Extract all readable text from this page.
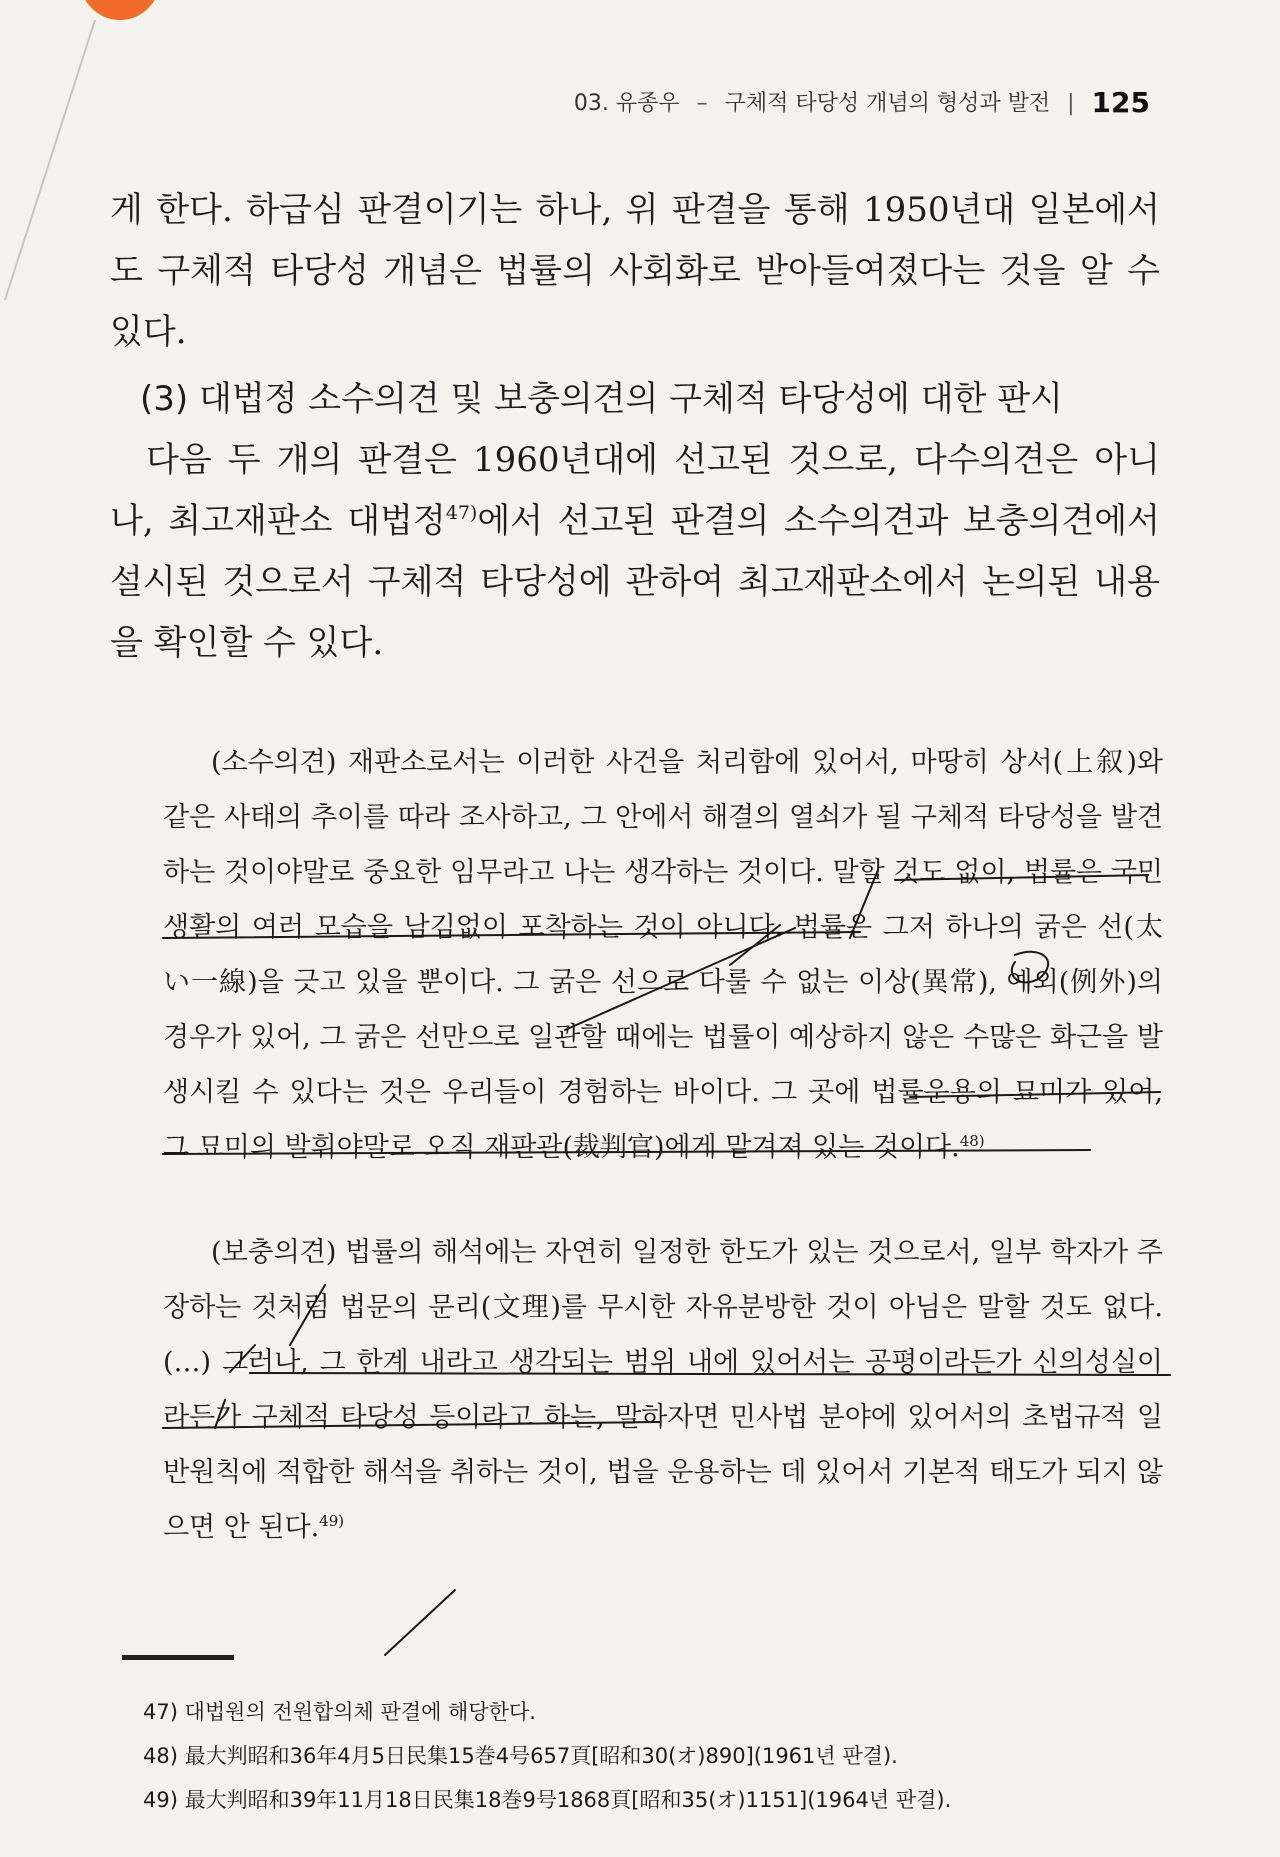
03. 유종우 – 구체적 타당성 개념의 형성과 발전 | 125
게 한다. 하급심 판결이기는 하나, 위 판결을 통해 1950년대 일본에서도 구체적 타당성 개념은 법률의 사회화로 받아들여졌다는 것을 알 수 있다.
(3) 대법정 소수의견 및 보충의견의 구체적 타당성에 대한 판시
다음 두 개의 판결은 1960년대에 선고된 것으로, 다수의견은 아니나, 최고재판소 대법정$^{47)}$에서 선고된 판결의 소수의견과 보충의견에서 설시된 것으로서 구체적 타당성에 관하여 최고재판소에서 논의된 내용을 확인할 수 있다.
(소수의견) 재판소로서는 이러한 사건을 처리함에 있어서, 마땅히 상서(上叙)와 같은 사태의 추이를 따라 조사하고, 그 안에서 해결의 열쇠가 될 구체적 타당성을 발견하는 것이야말로 중요한 임무라고 나는 생각하는 것이다. 말할 것도 없이, 법률은 국민생활의 여러 모습을 남김없이 포착하는 것이 아니다. 법률은 그저 하나의 굵은 선(太い一線)을 긋고 있을 뿐이다. 그 굵은 선으로 다룰 수 없는 이상(異常), 예외(例外)의 경우가 있어, 그 굵은 선만으로 일관할 때에는 법률이 예상하지 않은 수많은 화근을 발생시킬 수 있다는 것은 우리들이 경험하는 바이다. 그 곳에 법률운용의 묘미가 있어, 그 묘미의 발휘야말로 오직 재판관(裁判官)에게 맡겨져 있는 것이다.$^{48)}$
(보충의견) 법률의 해석에는 자연히 일정한 한도가 있는 것으로서, 일부 학자가 주장하는 것처럼 법문의 문리(文理)를 무시한 자유분방한 것이 아님은 말할 것도 없다.(…) 그러나, 그 한계 내라고 생각되는 범위 내에 있어서는 공평이라든가 신의성실이라든가 구체적 타당성 등이라고 하는, 말하자면 민사법 분야에 있어서의 초법규적 일반원칙에 적합한 해석을 취하는 것이, 법을 운용하는 데 있어서 기본적 태도가 되지 않으면 안 된다.$^{49)}$
47) 대법원의 전원합의체 판결에 해당한다.
48) 最大判昭和36年4月5日民集15巻4号657頁[昭和30(オ)890](1961년 판결).
49) 最大判昭和39年11月18日民集18巻9号1868頁[昭和35(オ)1151](1964년 판결).
